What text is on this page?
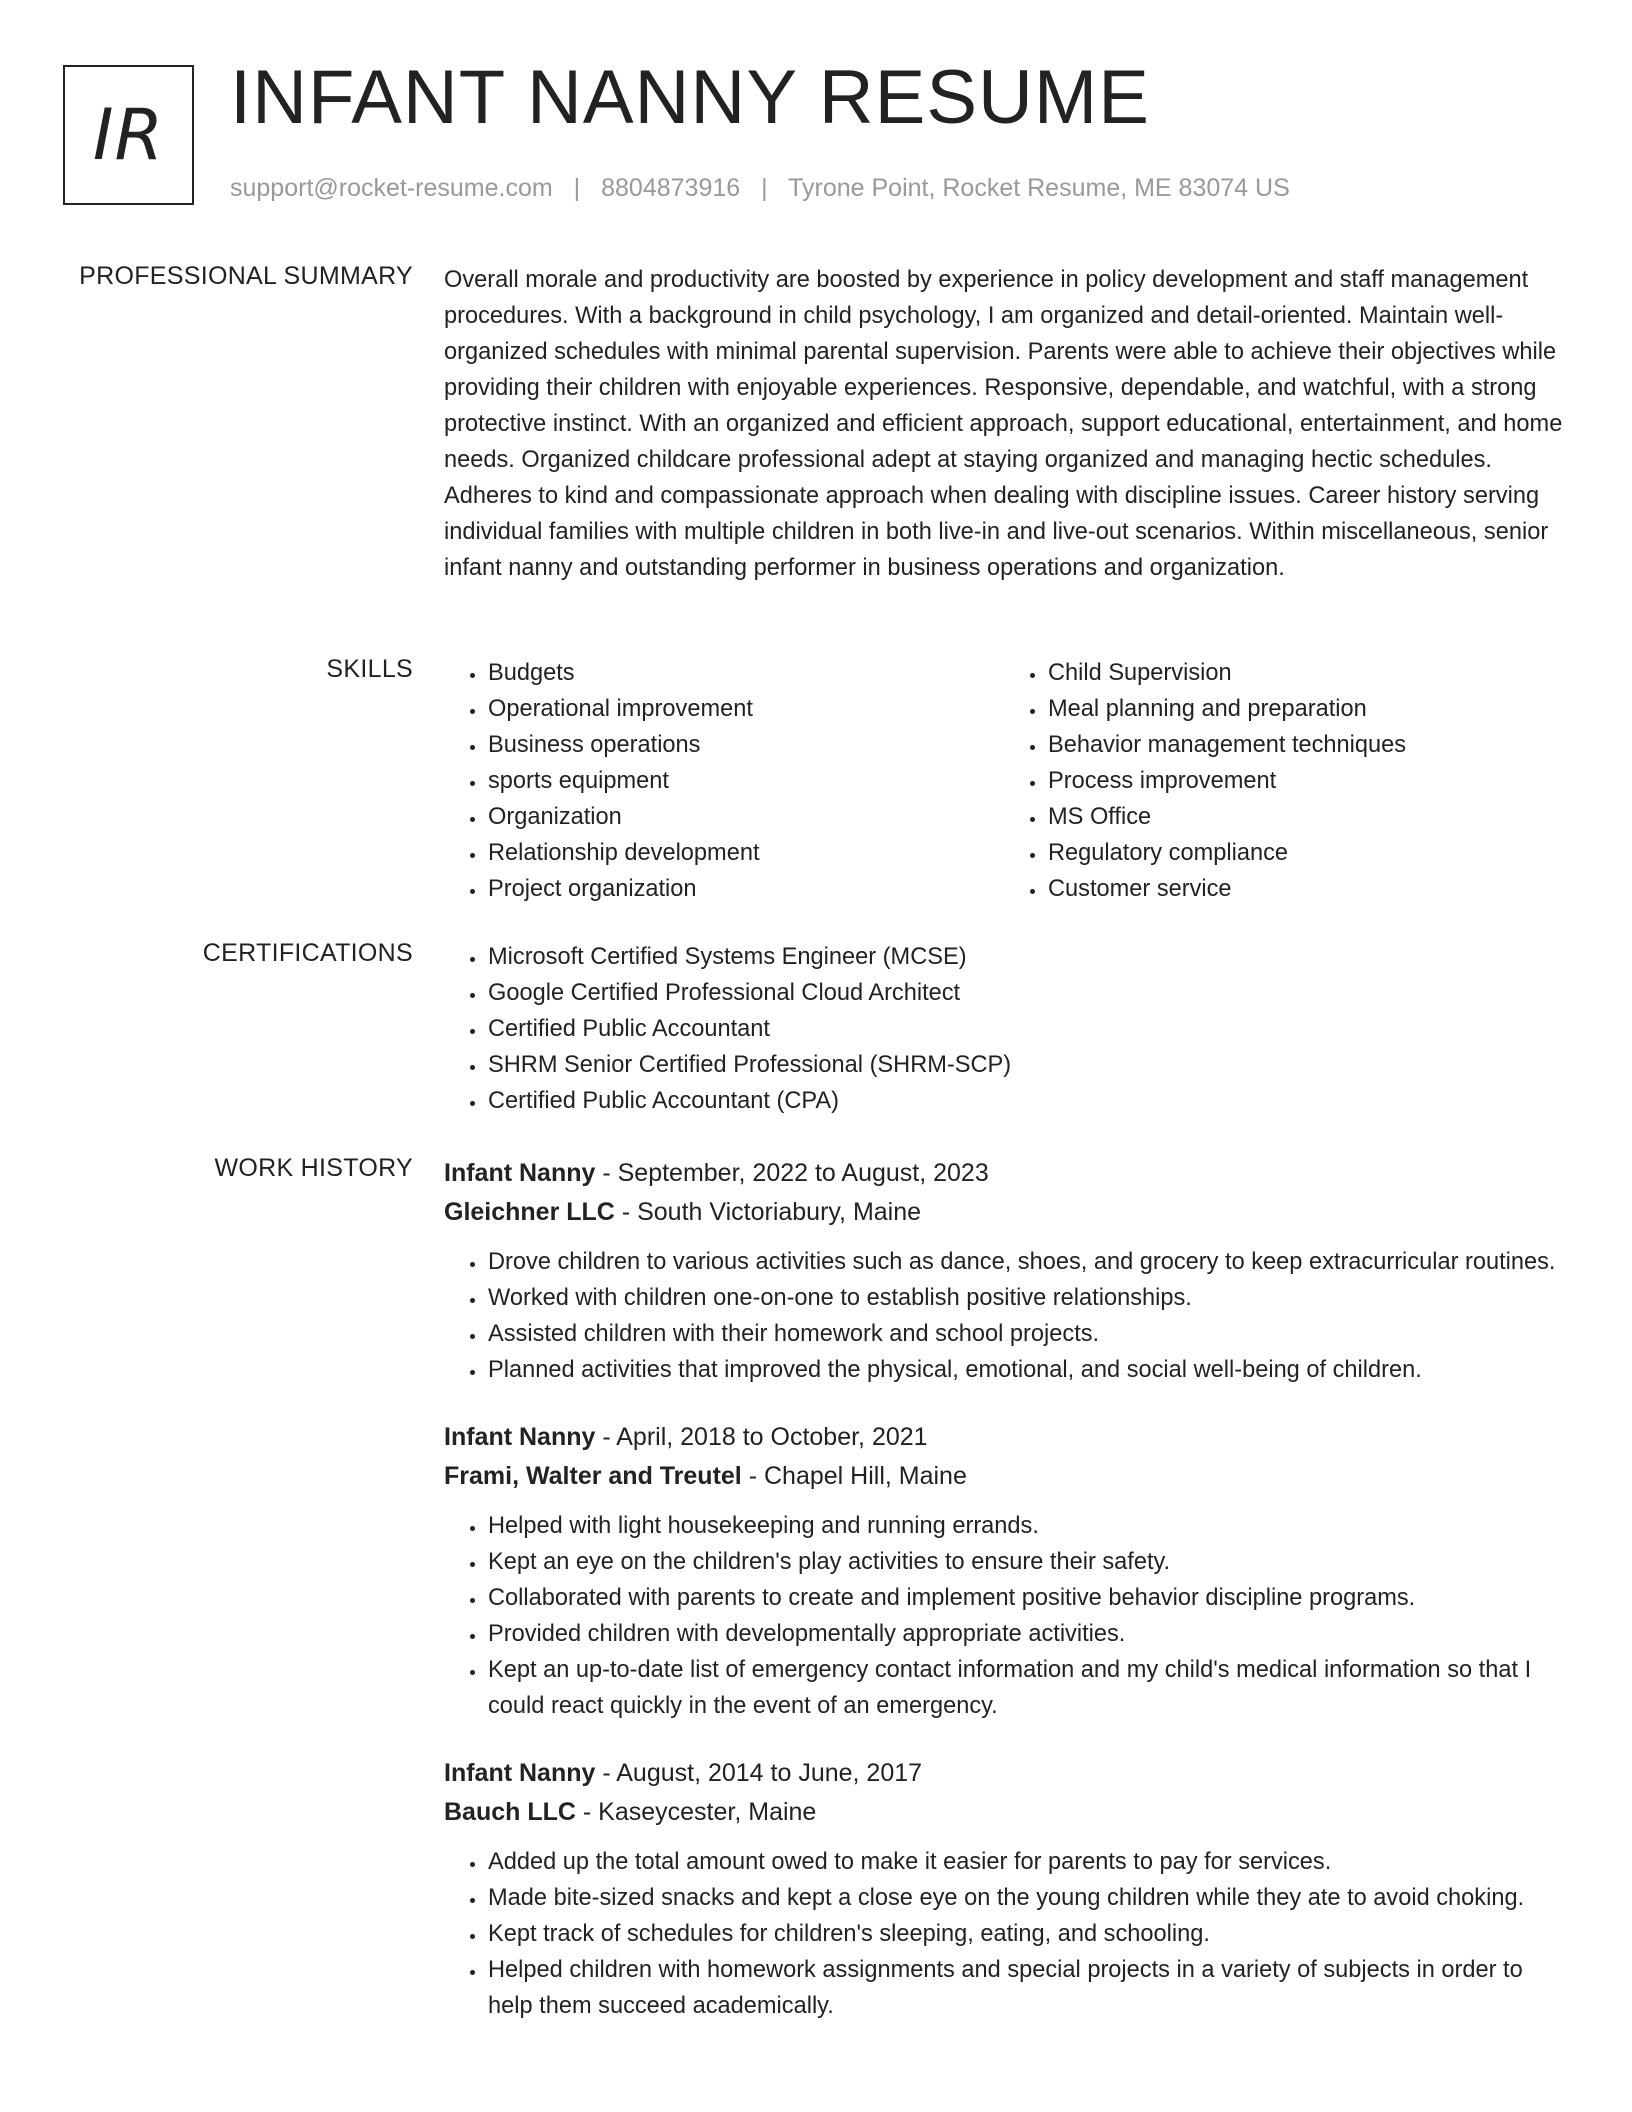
IR INFANT NANNY RESUME
support@rocket-resume.com | 8804873916 | Tyrone Point, Rocket Resume, ME 83074 US
PROFESSIONAL SUMMARY Overall morale and productivity are boosted by experience in policy development and staff management procedures. With a background in child psychology, I am organized and detail-oriented. Maintain well-organized schedules with minimal parental supervision. Parents were able to achieve their objectives while providing their children with enjoyable experiences. Responsive, dependable, and watchful, with a strong protective instinct. With an organized and efficient approach, support educational, entertainment, and home needs. Organized childcare professional adept at staying organized and managing hectic schedules. Adheres to kind and compassionate approach when dealing with discipline issues. Career history serving individual families with multiple children in both live-in and live-out scenarios. Within miscellaneous, senior infant nanny and outstanding performer in business operations and organization.

SKILLS	• Budgets
• Operational improvement
• Business operations
• sports equipment
• Organization
• Relationship development
• Project organization
• Child Supervision
• Meal planning and preparation
• Behavior management techniques
• Process improvement
• MS Office
• Regulatory compliance
• Customer service
CERTIFICATIONS	• Microsoft Certified Systems Engineer (MCSE)
• Google Certified Professional Cloud Architect
• Certified Public Accountant
• SHRM Senior Certified Professional (SHRM-SCP)
• Certified Public Accountant (CPA)
WORK HISTORY Infant Nanny - September, 2022 to August, 2023
Gleichner LLC - South Victoriabury, Maine
• Drove children to various activities such as dance, shoes, and grocery to keep extracurricular routines.
• Worked with children one-on-one to establish positive relationships.
• Assisted children with their homework and school projects.
• Planned activities that improved the physical, emotional, and social well-being of children.
Infant Nanny - April, 2018 to October, 2021
Frami, Walter and Treutel - Chapel Hill, Maine
• Helped with light housekeeping and running errands.
• Kept an eye on the children's play activities to ensure their safety.
• Collaborated with parents to create and implement positive behavior discipline programs.
• Provided children with developmentally appropriate activities.
• Kept an up-to-date list of emergency contact information and my child's medical information so that I could react quickly in the event of an emergency.
Infant Nanny - August, 2014 to June, 2017
Bauch LLC - Kaseycester, Maine
• Added up the total amount owed to make it easier for parents to pay for services.
• Made bite-sized snacks and kept a close eye on the young children while they ate to avoid choking.
• Kept track of schedules for children's sleeping, eating, and schooling.
• Helped children with homework assignments and special projects in a variety of subjects in order to help them succeed academically.
